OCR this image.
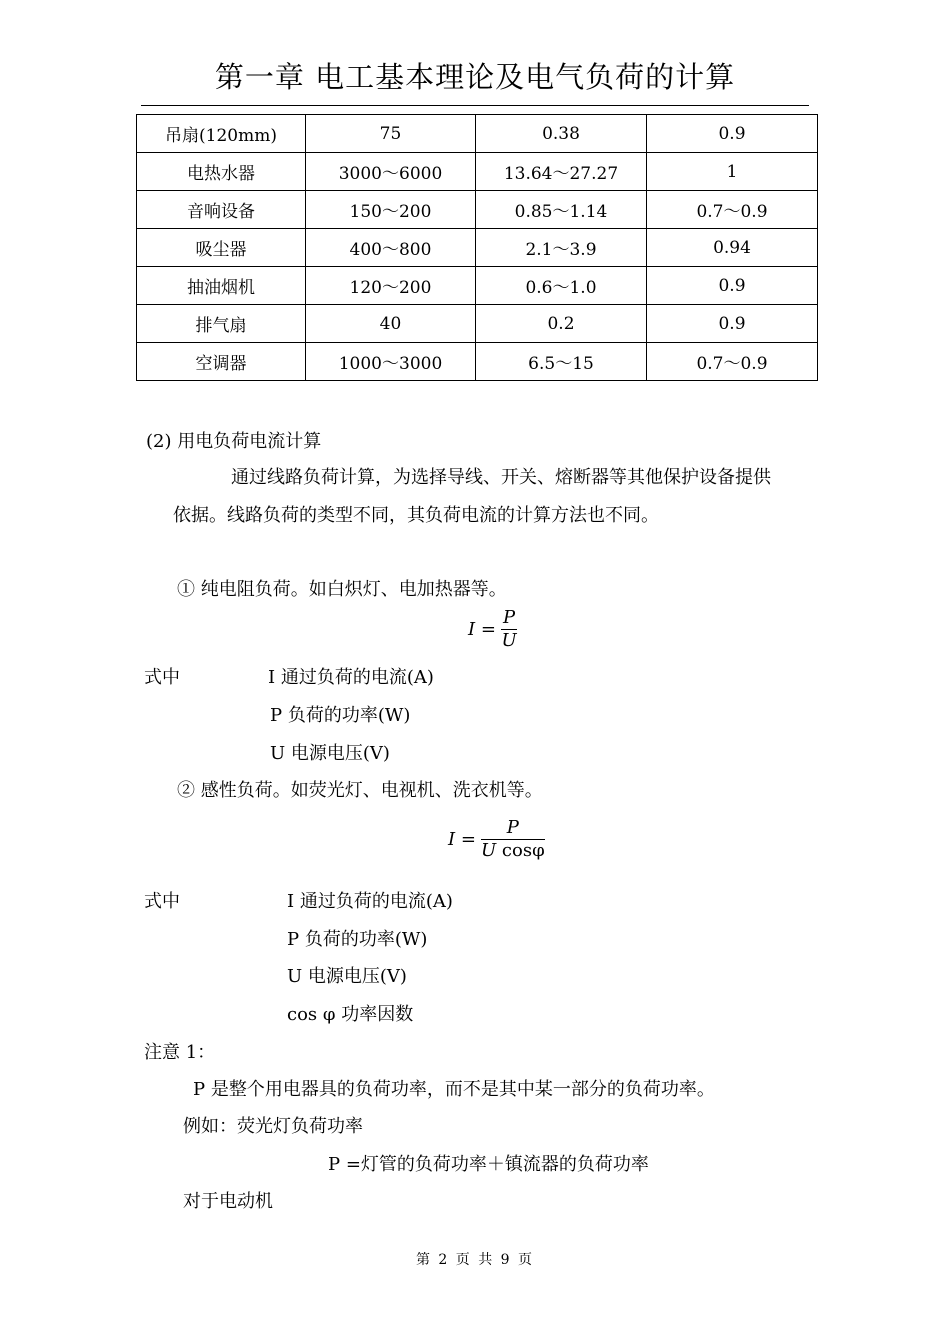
第一章 电工基本理论及电气负荷的计算
吊扇(120mm)	75	0.38	0.9
电热水器	3000～6000	13.64～27.27	1
音响设备	150～200	0.85～1.14	0.7～0.9
吸尘器	400～800	2.1～3.9	0.94
抽油烟机	120～200	0.6～1.0	0.9
排气扇	40	0.2	0.9
空调器	1000～3000	6.5～15	0.7～0.9
(2) 用电负荷电流计算
通过线路负荷计算，为选择导线、开关、熔断器等其他保护设备提供
依据。线路负荷的类型不同，其负荷电流的计算方法也不同。
① 纯电阻负荷。如白炽灯、电加热器等。
$I = \frac{P}{U}$
式中	I 通过负荷的电流(A)
P 负荷的功率(W)
U 电源电压(V)
② 感性负荷。如荧光灯、电视机、洗衣机等。
$I = \frac{P}{\text{U cosφ}}$
式中	I 通过负荷的电流(A)
P 负荷的功率(W)
U 电源电压(V)
cos φ 功率因数
注意 1：
P 是整个用电器具的负荷功率，而不是其中某一部分的负荷功率。
例如：荧光灯负荷功率
P =灯管的负荷功率＋镇流器的负荷功率
对于电动机
第 2 页 共 9 页
